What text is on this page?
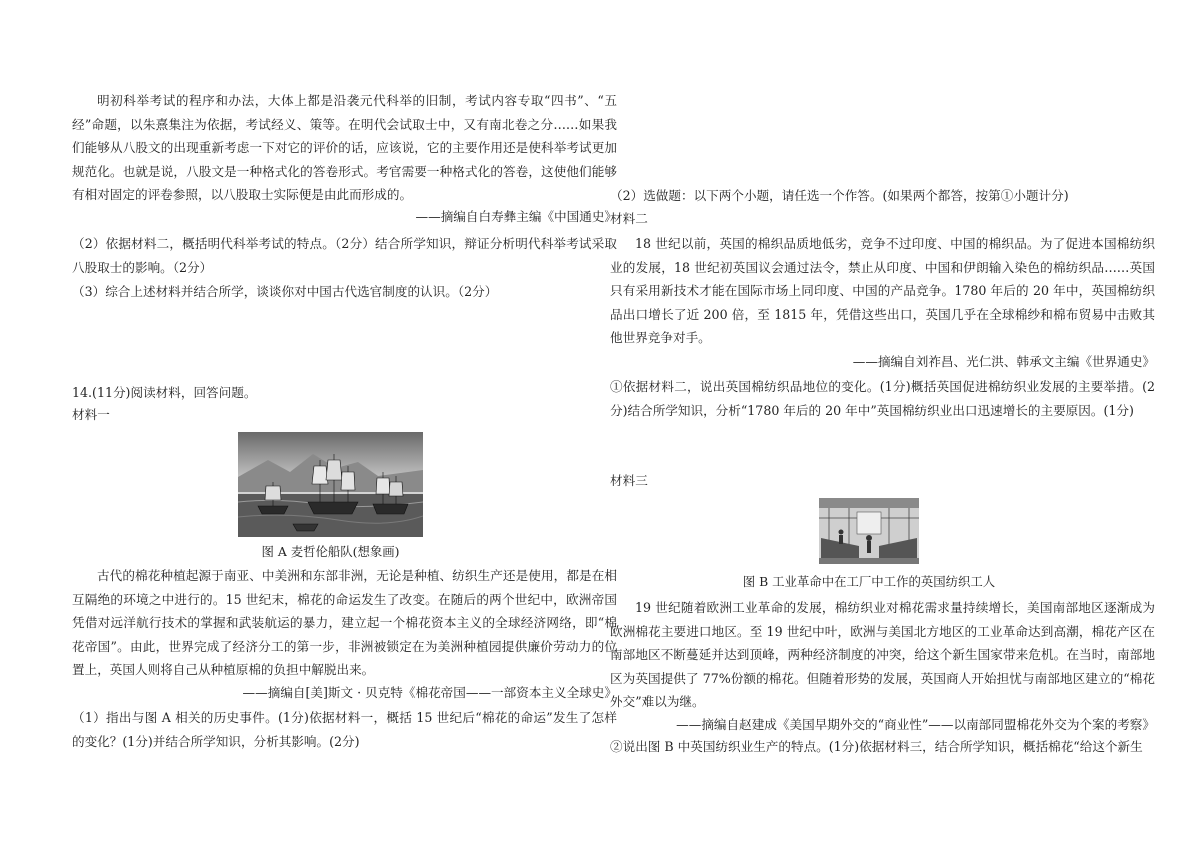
明初科举考试的程序和办法，大体上都是沿袭元代科举的旧制，考试内容专取“四书”、“五经”命题，以朱熹集注为依据，考试经义、策等。在明代会试取士中，又有南北卷之分……如果我们能够从八股文的出现重新考虑一下对它的评价的话，应该说，它的主要作用还是使科举考试更加规范化。也就是说，八股文是一种格式化的答卷形式。考官需要一种格式化的答卷，这使他们能够有相对固定的评卷参照，以八股取士实际便是由此而形成的。

——摘编自白寿彝主编《中国通史》

（2）依据材料二，概括明代科举考试的特点。（2分）结合所学知识，辩证分析明代科举考试采取八股取士的影响。（2分）

（3）综合上述材料并结合所学，谈谈你对中国古代选官制度的认识。（2分）
14.(11分)阅读材料，回答问题。
材料一
图 A 麦哲伦船队(想象画)

古代的棉花种植起源于南亚、中美洲和东部非洲，无论是种植、纺织生产还是使用，都是在相互隔绝的环境之中进行的。15 世纪末，棉花的命运发生了改变。在随后的两个世纪中，欧洲帝国凭借对远洋航行技术的掌握和武装航运的暴力，建立起一个棉花资本主义的全球经济网络，即“棉花帝国”。由此，世界完成了经济分工的第一步，非洲被锁定在为美洲种植园提供廉价劳动力的位置上，英国人则将自己从种植原棉的负担中解脱出来。

——摘编自[美]斯文 · 贝克特《棉花帝国——一部资本主义全球史》

（1）指出与图 A 相关的历史事件。(1分)依据材料一，概括 15 世纪后“棉花的命运”发生了怎样的变化？(1分)并结合所学知识，分析其影响。(2分)

（2）选做题：以下两个小题，请任选一个作答。(如果两个都答，按第①小题计分)
材料二

18 世纪以前，英国的棉织品质地低劣，竞争不过印度、中国的棉织品。为了促进本国棉纺织业的发展，18 世纪初英国议会通过法令，禁止从印度、中国和伊朗输入染色的棉纺织品……英国只有采用新技术才能在国际市场上同印度、中国的产品竞争。1780 年后的 20 年中，英国棉纺织品出口增长了近 200 倍，至 1815 年，凭借这些出口，英国几乎在全球棉纱和棉布贸易中击败其他世界竞争对手。

——摘编自刘祚昌、光仁洪、韩承文主编《世界通史》

①依据材料二，说出英国棉纺织品地位的变化。(1分)概括英国促进棉纺织业发展的主要举措。(2分)结合所学知识，分析“1780 年后的 20 年中”英国棉纺织业出口迅速增长的主要原因。(1分)

材料三
图 B 工业革命中在工厂中工作的英国纺织工人

19 世纪随着欧洲工业革命的发展，棉纺织业对棉花需求量持续增长，美国南部地区逐渐成为欧洲棉花主要进口地区。至 19 世纪中叶，欧洲与美国北方地区的工业革命达到高潮，棉花产区在南部地区不断蔓延并达到顶峰，两种经济制度的冲突，给这个新生国家带来危机。在当时，南部地区为英国提供了 77%份额的棉花。但随着形势的发展，英国商人开始担忧与南部地区建立的“棉花外交”难以为继。

——摘编自赵建成《美国早期外交的“商业性”——以南部同盟棉花外交为个案的考察》
②说出图 B 中英国纺织业生产的特点。(1分)依据材料三，结合所学知识，概括棉花“给这个新生
